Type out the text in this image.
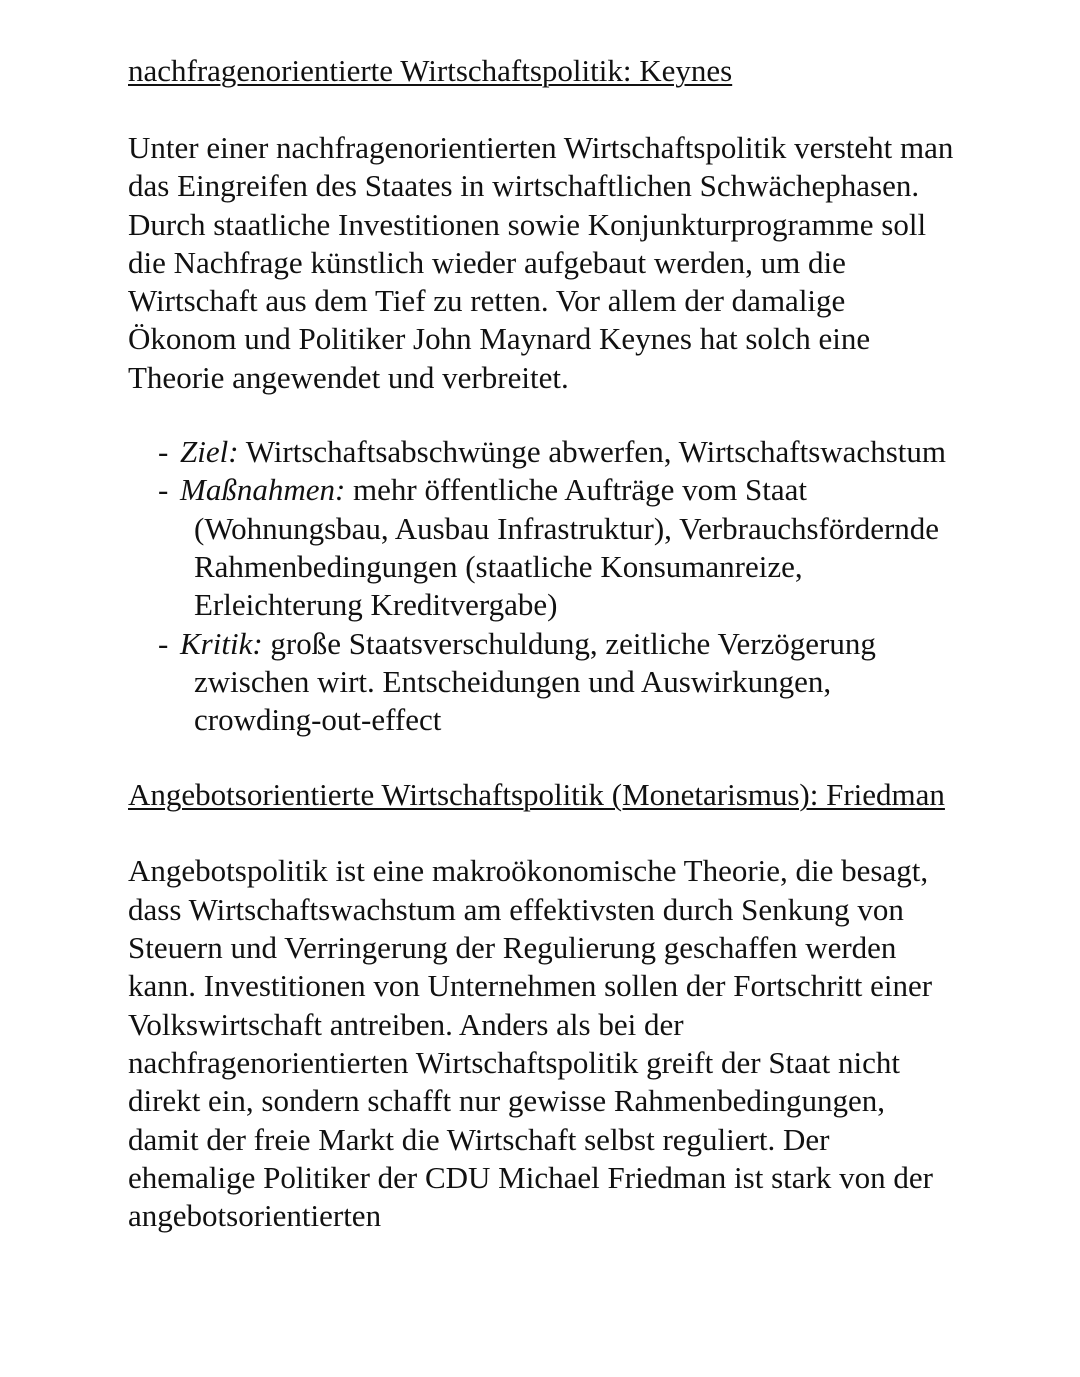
nachfragenorientierte Wirtschaftspolitik: Keynes

Unter einer nachfragenorientierten Wirtschaftspolitik versteht man das Eingreifen des Staates in wirtschaftlichen Schwächephasen. Durch staatliche Investitionen sowie Konjunkturprogramme soll die Nachfrage künstlich wieder aufgebaut werden, um die Wirtschaft aus dem Tief zu retten. Vor allem der damalige Ökonom und Politiker John Maynard Keynes hat solch eine Theorie angewendet und verbreitet.

- Ziel: Wirtschaftsabschwünge abwerfen, Wirtschaftswachstum
- Maßnahmen: mehr öffentliche Aufträge vom Staat (Wohnungsbau, Ausbau Infrastruktur), Verbrauchsfördernde Rahmenbedingungen (staatliche Konsumanreize, Erleichterung Kreditvergabe)
- Kritik: große Staatsverschuldung, zeitliche Verzögerung zwischen wirt. Entscheidungen und Auswirkungen, crowding-out-effect
Angebotsorientierte Wirtschaftspolitik (Monetarismus): Friedman

Angebotspolitik ist eine makroökonomische Theorie, die besagt, dass Wirtschaftswachstum am effektivsten durch Senkung von Steuern und Verringerung der Regulierung geschaffen werden kann. Investitionen von Unternehmen sollen der Fortschritt einer Volkswirtschaft antreiben. Anders als bei der nachfragenorientierten Wirtschaftspolitik greift der Staat nicht direkt ein, sondern schafft nur gewisse Rahmenbedingungen, damit der freie Markt die Wirtschaft selbst reguliert. Der ehemalige Politiker der CDU Michael Friedman ist stark von der angebotsorientierten
